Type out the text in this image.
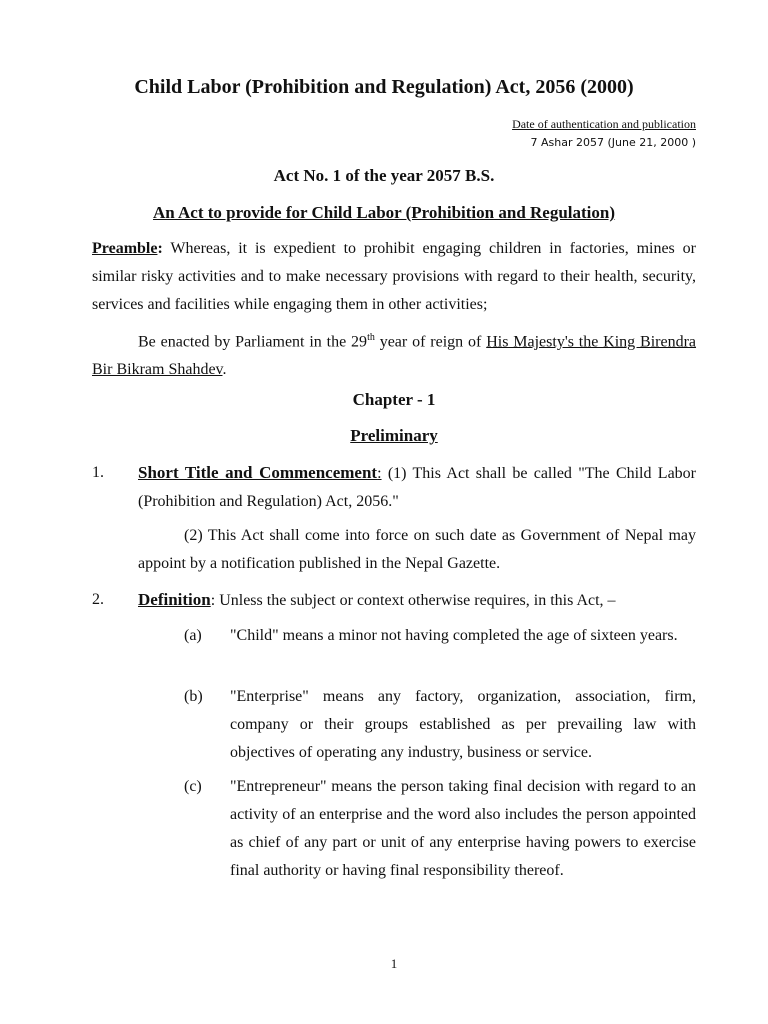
Child Labor (Prohibition and Regulation) Act, 2056 (2000)
Date of authentication and publication
7 Ashar 2057 (June 21, 2000 )
Act No. 1 of the year 2057 B.S.
An Act to provide for Child Labor (Prohibition and Regulation)
Preamble: Whereas, it is expedient to prohibit engaging children in factories, mines or similar risky activities and to make necessary provisions with regard to their health, security, services and facilities while engaging them in other activities;
Be enacted by Parliament in the 29th year of reign of His Majesty's the King Birendra Bir Bikram Shahdev.
Chapter - 1
Preliminary
1. Short Title and Commencement: (1) This Act shall be called "The Child Labor (Prohibition and Regulation) Act, 2056."
(2) This Act shall come into force on such date as Government of Nepal may appoint by a notification published in the Nepal Gazette.
2. Definition: Unless the subject or context otherwise requires, in this Act, –
(a) "Child" means a minor not having completed the age of sixteen years.
(b) "Enterprise" means any factory, organization, association, firm, company or their groups established as per prevailing law with objectives of operating any industry, business or service.
(c) "Entrepreneur" means the person taking final decision with regard to an activity of an enterprise and the word also includes the person appointed as chief of any part or unit of any enterprise having powers to exercise final authority or having final responsibility thereof.
1
